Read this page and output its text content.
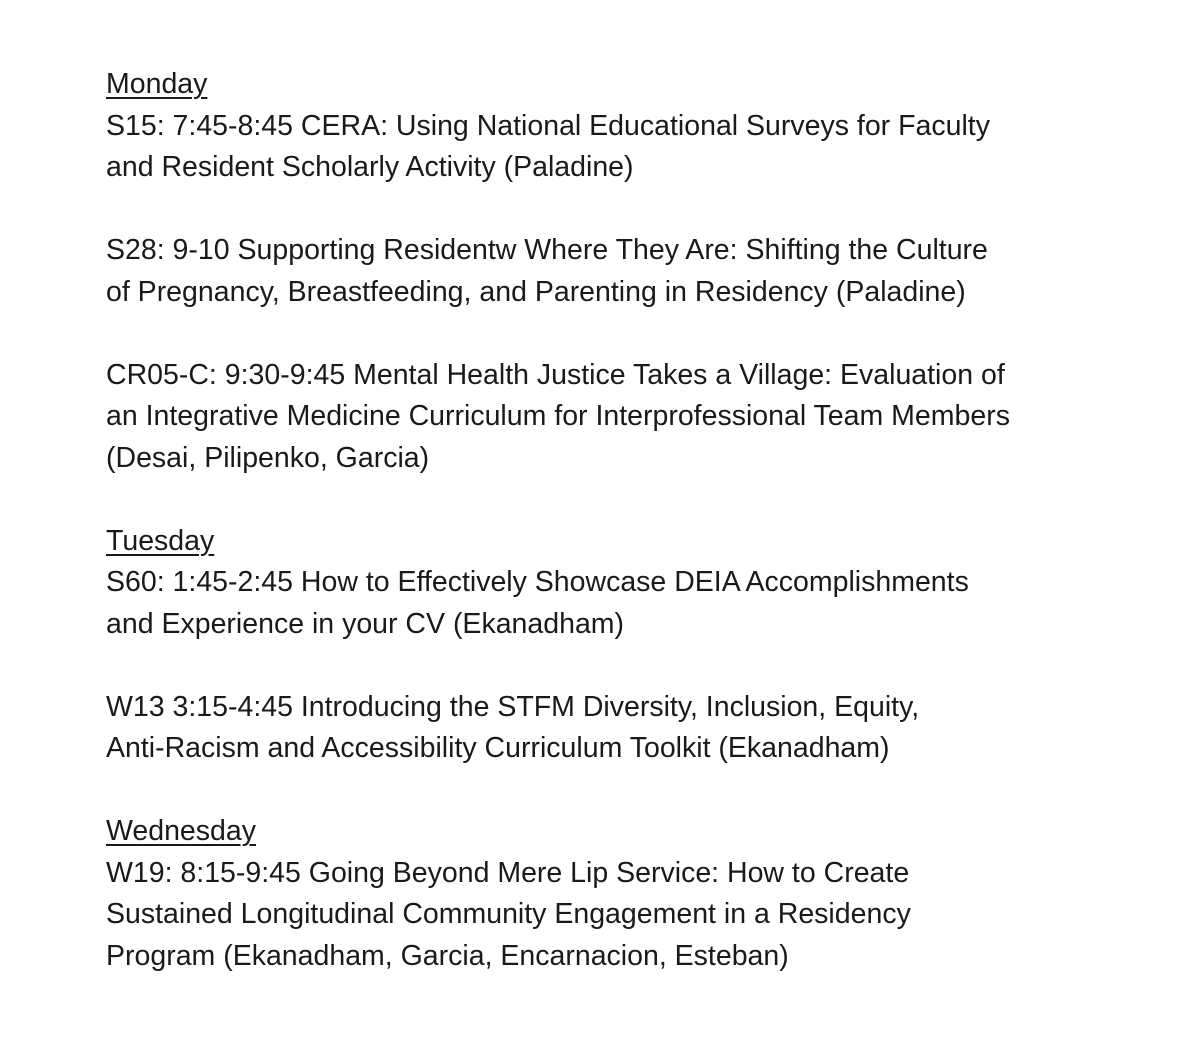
Monday
S15: 7:45-8:45 CERA: Using National Educational Surveys for Faculty
and Resident Scholarly Activity (Paladine)
S28: 9-10 Supporting Residentw Where They Are: Shifting the Culture
of Pregnancy, Breastfeeding, and Parenting in Residency (Paladine)
CR05-C: 9:30-9:45 Mental Health Justice Takes a Village: Evaluation of
an Integrative Medicine Curriculum for Interprofessional Team Members
(Desai, Pilipenko, Garcia)
Tuesday
S60: 1:45-2:45 How to Effectively Showcase DEIA Accomplishments
and Experience in your CV (Ekanadham)
W13 3:15-4:45 Introducing the STFM Diversity, Inclusion, Equity,
Anti-Racism and Accessibility Curriculum Toolkit (Ekanadham)
Wednesday
W19: 8:15-9:45 Going Beyond Mere Lip Service: How to Create
Sustained Longitudinal Community Engagement in a Residency
Program (Ekanadham, Garcia, Encarnacion, Esteban)
